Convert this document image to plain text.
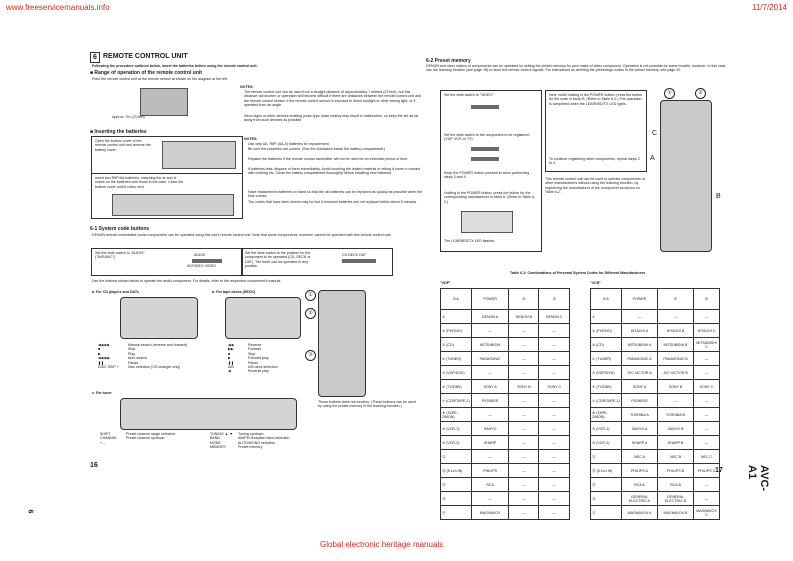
www.freeservicemanuals.info	11/7/2014
Global electronic heritage manuals
6 REMOTE CONTROL UNIT
Following the procedure outlined below, insert the batteries before using the remote control unit.
■ Range of operation of the remote control unit
Point the remote control unit at the remote sensor at shown on the diagram at the left.
Approx. 7m (23 feet)
NOTES:
The remote control unit can be used from a straight distance of approximately 7 meters (23 feet), but this distance will shorten or operation will become difficult if there are obstacles between the remote control unit and the remote control sensor, if the remote control sensor is exposed to direct sunlight or other strong light, or if operated from an angle.
Neon signs or other devices emitting pulse-type noise nearby may result in malfunction, so keep the set as far away from such devices as possible.
■ Inserting the batteries
Open the bottom cover of the remote control unit and remove the battery cover.
Insert two R6P/AA batteries, matching the ⊕ and ⊖ marks on the batteries with those in the case. Close the bottom cover until it clicks shut.
NOTES:
Use only AA, R6P (AA-3) batteries for replacement.
Be sure the polarities are correct. (See the illustration inside the battery compartment.)
Replace the batteries if the remote control transmitter will not be used for an extended period of time.
If batteries leak, dispose of them immediately. Avoid touching the leaked material or letting it come in contact with clothing etc. Clean the battery compartment thoroughly before installing new batteries.
Have replacement batteries on hand so that the old batteries can be replaced as quickly as possible when the time comes.
The codes that have been stored may be lost if removed batteries are not replaced within about 5 minutes.
6-1 System code buttons
DENON remote-controllable audio components can be operated using this unit's remote control unit. Note that some components, however, cannot be operated with this remote control unit.
Set the slide switch to "AUDIO" ("AVR/AVC").
AUDIO
AV/VIDEO VIDEO
Set the slide switch to the position for the component to be operated (CD, DECK or DAT). The tuner can be operated in any position.
CD DECK DAT
Use the buttons shown below to operate the audio component. For details, refer to the respective component's manual.
a. For CD players and DATs	b. For tape decks (DECK)
◀◀ ▶▶	Manual search (reverse and forward)
■	Stop
▶	Play
◀◀ ▶▶	Auto search
❚❚	Pause
DISC SKIP +	Disc selection (CD changer only)
◀◀	Reverse
▶▶	Forward
■	Stop
▶	Forward play
❚❚	Pause
A/B	A/B deck selection
◀	Reverse play
c. For tuner
SHIFT	Preset channel range selection
CHANNEL Preset channel up/down
+ –
TUNING ▲ ▼ Tuning up/down
BAND	AM/FM reception band selection
MODE	AUTO/MONO selection
MEMORY	Preset memory
①
②
③
These buttons does not function. (These buttons can be used by using the preset memory in the learning function.)
16
6
6-2 Preset memory
DENON and other makes of components can be operated by setting the preset memory for your make of video component. Operation is not possible for some models, however. In this case use the learning function (see page 18) to store the remote control signals. For instructions on deleting the preset/logo codes in the preset memory, see page 20.
Set the slide switch to "VIDEO".
Set the slide switch to the component to be registered (VDP, VCR or TV).
Keep the POWER button pressed in when performing steps 3 and 4.
Holding in the POWER button, press the button for the corresponding manufacturer in block A. (Refer to Table 6-2.)
The LEARNED/TX LED flashes.
Next, while holding in the POWER button, press the button for the code in block B. (Refer to Table 6-2.) The operation is completed when the LEARNED/TX LED lights.
To continue registering other components, repeat steps 2 to 4.
This remote control unit can be used to operate components of other manufacturers without using the learning function, by registering the manufacturer of the component as shown on Table 6-2.
①	②
C
A
B
Table 6-2: Combinations of Personal System Codes for Different Manufacturers
"VDP"	"VCR"
B A	POWER	⊟	⊟
①	DENON A	DENON B	DENON C
② (PHONO)	—	—	—
③ (CD)	MITSUBISHI	—	—
④ (TUNER)	PANASONIC	—	—
⑤ (VDP/DVD)	—	—	—
⑥ (TV/DBS)	SONY A	SONY B	SONY C
⑦ (CDR/TAPE-1)	PIONEER	—	—
⑧ (TAPE-2/MON)	—	—	—
⑨ (VCR-1)	SANYO	—	—
⑩ (VCR-2)	SHARP	—	—
⑪	—	—	—
⑫ (5.1ch IN)	PHILIPS	—	—
⑬	RCA	—	—
⑭	—	—	—
⑮	MAGNAVOX	—	—
B A	POWER	⊟	⊟
①	—	—	—
② (PHONO)	HITACHI A	HITACHI B	HITACHI C
③ (CD)	MITSUBISHI A	MITSUBISHI B	MITSUBISHI C
④ (TUNER)	PANASONIC A	PANASONIC B	—
⑤ (VDP/DVD)	JVC VICTOR A	JVC VICTOR B	—
⑥ (TV/DBS)	SONY A	SONY B	SONY C
⑦ (CDR/TAPE-1)	PIONEER	—	—
⑧ (TAPE-2/MON)	TOSHIBA A	TOSHIBA B	—
⑨ (VCR-1)	SANYO A	SANYO B	—
⑩ (VCR-2)	SHARP A	SHARP B	—
⑪	NEC A	NEC B	NEC C
⑫ (5.1ch IN)	PHILIPS A	PHILIPS B	PHILIPS C
⑬	RCA A	RCA B	—
⑭	GENERAL ELECTRIC A	GENERAL ELECTRIC B	—
⑮	MAGNAVOX A	MAGNAVOX B	MAGNAVOX C
17	AVC-A1
